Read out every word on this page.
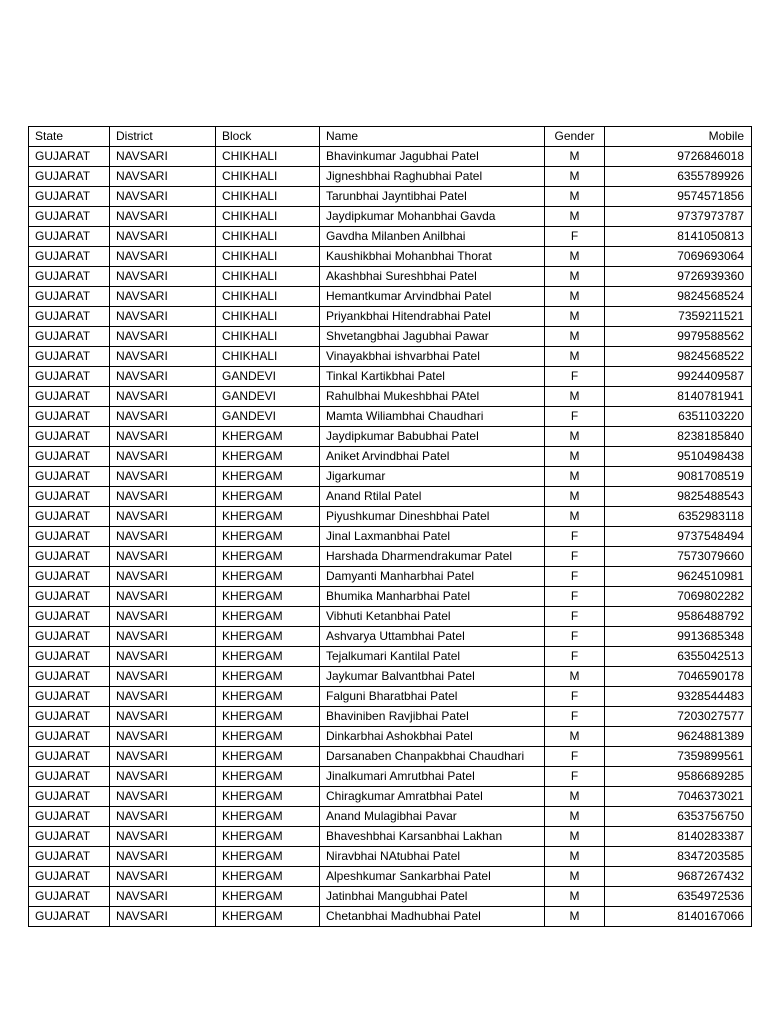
State	District	Block	Name	Gender	Mobile
GUJARAT	NAVSARI	CHIKHALI	Bhavinkumar Jagubhai Patel	M	9726846018
GUJARAT	NAVSARI	CHIKHALI	Jigneshbhai Raghubhai Patel	M	6355789926
GUJARAT	NAVSARI	CHIKHALI	Tarunbhai Jayntibhai Patel	M	9574571856
GUJARAT	NAVSARI	CHIKHALI	Jaydipkumar Mohanbhai Gavda	M	9737973787
GUJARAT	NAVSARI	CHIKHALI	Gavdha Milanben Anilbhai	F	8141050813
GUJARAT	NAVSARI	CHIKHALI	Kaushikbhai Mohanbhai Thorat	M	7069693064
GUJARAT	NAVSARI	CHIKHALI	Akashbhai Sureshbhai Patel	M	9726939360
GUJARAT	NAVSARI	CHIKHALI	Hemantkumar Arvindbhai Patel	M	9824568524
GUJARAT	NAVSARI	CHIKHALI	Priyankbhai Hitendrabhai Patel	M	7359211521
GUJARAT	NAVSARI	CHIKHALI	Shvetangbhai Jagubhai Pawar	M	9979588562
GUJARAT	NAVSARI	CHIKHALI	Vinayakbhai ishvarbhai Patel	M	9824568522
GUJARAT	NAVSARI	GANDEVI	Tinkal Kartikbhai Patel	F	9924409587
GUJARAT	NAVSARI	GANDEVI	Rahulbhai Mukeshbhai PAtel	M	8140781941
GUJARAT	NAVSARI	GANDEVI	Mamta Wiliambhai Chaudhari	F	6351103220
GUJARAT	NAVSARI	KHERGAM	Jaydipkumar Babubhai Patel	M	8238185840
GUJARAT	NAVSARI	KHERGAM	Aniket Arvindbhai Patel	M	9510498438
GUJARAT	NAVSARI	KHERGAM	Jigarkumar	M	9081708519
GUJARAT	NAVSARI	KHERGAM	Anand Rtilal Patel	M	9825488543
GUJARAT	NAVSARI	KHERGAM	Piyushkumar Dineshbhai Patel	M	6352983118
GUJARAT	NAVSARI	KHERGAM	Jinal Laxmanbhai Patel	F	9737548494
GUJARAT	NAVSARI	KHERGAM	Harshada Dharmendrakumar Patel	F	7573079660
GUJARAT	NAVSARI	KHERGAM	Damyanti Manharbhai Patel	F	9624510981
GUJARAT	NAVSARI	KHERGAM	Bhumika Manharbhai Patel	F	7069802282
GUJARAT	NAVSARI	KHERGAM	Vibhuti Ketanbhai Patel	F	9586488792
GUJARAT	NAVSARI	KHERGAM	Ashvarya Uttambhai Patel	F	9913685348
GUJARAT	NAVSARI	KHERGAM	Tejalkumari Kantilal Patel	F	6355042513
GUJARAT	NAVSARI	KHERGAM	Jaykumar Balvantbhai Patel	M	7046590178
GUJARAT	NAVSARI	KHERGAM	Falguni Bharatbhai Patel	F	9328544483
GUJARAT	NAVSARI	KHERGAM	Bhaviniben Ravjibhai Patel	F	7203027577
GUJARAT	NAVSARI	KHERGAM	Dinkarbhai Ashokbhai Patel	M	9624881389
GUJARAT	NAVSARI	KHERGAM	Darsanaben Chanpakbhai Chaudhari	F	7359899561
GUJARAT	NAVSARI	KHERGAM	Jinalkumari Amrutbhai Patel	F	9586689285
GUJARAT	NAVSARI	KHERGAM	Chiragkumar Amratbhai Patel	M	7046373021
GUJARAT	NAVSARI	KHERGAM	Anand Mulagibhai Pavar	M	6353756750
GUJARAT	NAVSARI	KHERGAM	Bhaveshbhai Karsanbhai Lakhan	M	8140283387
GUJARAT	NAVSARI	KHERGAM	Niravbhai NAtubhai Patel	M	8347203585
GUJARAT	NAVSARI	KHERGAM	Alpeshkumar Sankarbhai Patel	M	9687267432
GUJARAT	NAVSARI	KHERGAM	Jatinbhai Mangubhai Patel	M	6354972536
GUJARAT	NAVSARI	KHERGAM	Chetanbhai Madhubhai Patel	M	8140167066
